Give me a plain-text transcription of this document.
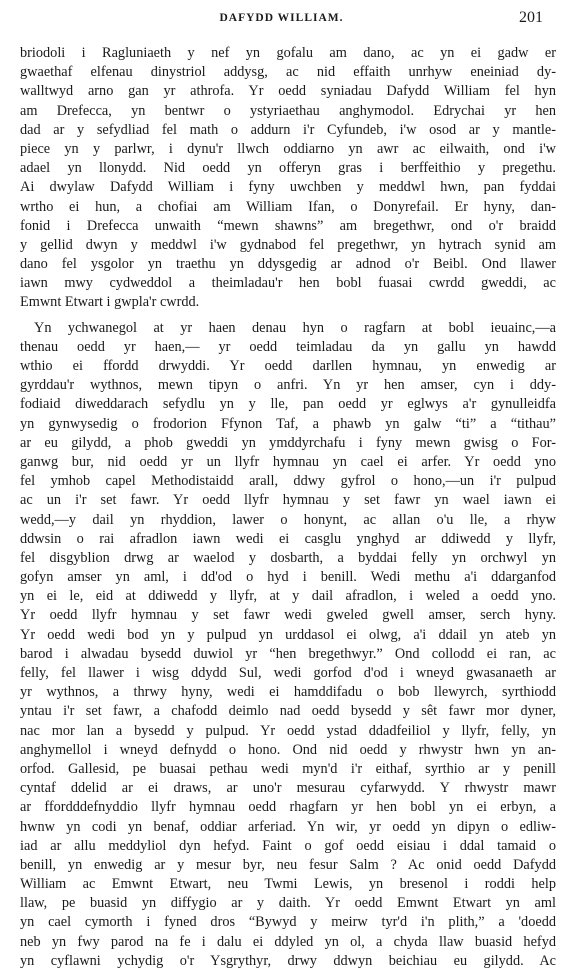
DAFYDD WILLIAM.	201
briodoli i Ragluniaeth y nef yn gofalu am dano, ac yn ei gadw er
gwaethaf elfenau dinystriol addysg, ac nid effaith unrhyw eneiniad dy-
walltwyd arno gan yr athrofa. Yr oedd syniadau Dafydd William fel hyn
am Drefecca, yn bentwr o ystyriaethau anghymodol. Edrychai yr hen
dad ar y sefydliad fel math o addurn i'r Cyfundeb, i'w osod ar y mantle-
piece yn y parlwr, i dynu'r llwch oddiarno yn awr ac eilwaith, ond i'w
adael yn llonydd. Nid oedd yn offeryn gras i berffeithio y pregethu.
Ai dwylaw Dafydd William i fyny uwchben y meddwl hwn, pan fyddai
wrtho ei hun, a chofiai am William Ifan, o Donyrefail. Er hyny, dan-
fonid i Drefecca unwaith “mewn shawns” am bregethwr, ond o'r braidd
y gellid dwyn y meddwl i'w gydnabod fel pregethwr, yn hytrach synid am
dano fel ysgolor yn traethu yn ddysgedig ar adnod o'r Beibl. Ond llawer
iawn mwy cydweddol a theimladau'r hen bobl fuasai cwrdd gweddi, ac
Emwnt Etwart i gwpla'r cwrdd.
Yn ychwanegol at yr haen denau hyn o ragfarn at bobl ieuainc,—a
thenau oedd yr haen,— yr oedd teimladau da yn gallu yn hawdd
wthio ei ffordd drwyddi. Yr oedd darllen hymnau, yn enwedig ar
gyrddau'r wythnos, mewn tipyn o anfri. Yn yr hen amser, cyn i ddy-
fodiaid diweddarach sefydlu yn y lle, pan oedd yr eglwys a'r gynulleidfa
yn gynwysedig o frodorion Ffynon Taf, a phawb yn galw “ti” a “tithau”
ar eu gilydd, a phob gweddi yn ymddyrchafu i fyny mewn gwisg o For-
ganwg bur, nid oedd yr un llyfr hymnau yn cael ei arfer. Yr oedd yno
fel ymhob capel Methodistaidd arall, ddwy gyfrol o hono,—un i'r pulpud
ac un i'r set fawr. Yr oedd llyfr hymnau y set fawr yn wael iawn ei
wedd,—y dail yn rhyddion, lawer o honynt, ac allan o'u lle, a rhyw
ddwsin o rai afradlon iawn wedi ei casglu ynghyd ar ddiwedd y llyfr,
fel disgyblion drwg ar waelod y dosbarth, a byddai felly yn orchwyl yn
gofyn amser yn aml, i dd'od o hyd i benill. Wedi methu a'i ddarganfod
yn ei le, eid at ddiwedd y llyfr, at y dail afradlon, i weled a oedd yno.
Yr oedd llyfr hymnau y set fawr wedi gweled gwell amser, serch hyny.
Yr oedd wedi bod yn y pulpud yn urddasol ei olwg, a'i ddail yn ateb yn
barod i alwadau bysedd duwiol yr “hen bregethwyr.” Ond collodd ei ran, ac
felly, fel llawer i wisg ddydd Sul, wedi gorfod d'od i wneyd gwasanaeth ar
yr wythnos, a thrwy hyny, wedi ei hamddifadu o bob llewyrch, syrthiodd
yntau i'r set fawr, a chafodd deimlo nad oedd bysedd y sêt fawr mor dyner,
nac mor lan a bysedd y pulpud. Yr oedd ystad ddadfeiliol y llyfr, felly, yn
anghymellol i wneyd defnydd o hono. Ond nid oedd y rhwystr hwn yn an-
orfod. Gallesid, pe buasai pethau wedi myn'd i'r eithaf, syrthio ar y penill
cyntaf ddelid ar ei draws, ar uno'r mesurau cyfarwydd. Y rhwystr mawr
ar ffordddefnyddio llyfr hymnau oedd rhagfarn yr hen bobl yn ei erbyn, a
hwnw yn codi yn benaf, oddiar arferiad. Yn wir, yr oedd yn dipyn o edliw-
iad ar allu meddyliol dyn hefyd. Faint o gof oedd eisiau i ddal tamaid o
benill, yn enwedig ar y mesur byr, neu fesur Salm ? Ac onid oedd Dafydd
William ac Emwnt Etwart, neu Twmi Lewis, yn bresenol i roddi help
llaw, pe buasid yn diffygio ar y daith. Yr oedd Emwnt Etwart yn aml
yn cael cymorth i fyned dros “Bywyd y meirw tyr'd i'n plith,” a 'doedd
neb yn fwy parod na fe i dalu ei ddyled yn ol, a chyda llaw buasid hefyd
yn cyflawni ychydig o'r Ysgrythyr, drwy ddwyn beichiau eu gilydd. Ac
